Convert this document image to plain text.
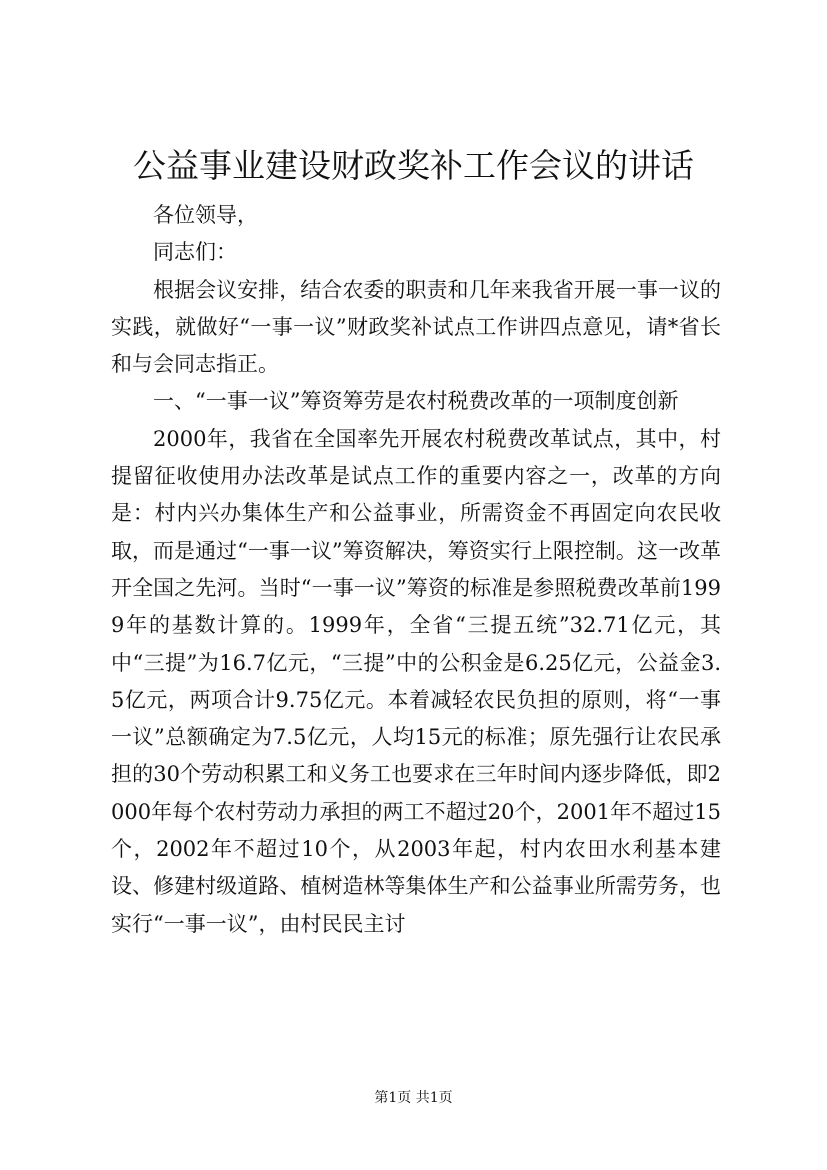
公益事业建设财政奖补工作会议的讲话

各位领导，

同志们：

根据会议安排，结合农委的职责和几年来我省开展一事一议的实践，就做好“一事一议”财政奖补试点工作讲四点意见，请*省长和与会同志指正。

一、“一事一议”筹资筹劳是农村税费改革的一项制度创新

2000年，我省在全国率先开展农村税费改革试点，其中，村提留征收使用办法改革是试点工作的重要内容之一，改革的方向是：村内兴办集体生产和公益事业，所需资金不再固定向农民收取，而是通过“一事一议”筹资解决，筹资实行上限控制。这一改革开全国之先河。当时“一事一议”筹资的标准是参照税费改革前1999年的基数计算的。1999年，全省“三提五统”32.71亿元，其中“三提”为16.7亿元，“三提”中的公积金是6.25亿元，公益金3.5亿元，两项合计9.75亿元。本着减轻农民负担的原则，将“一事一议”总额确定为7.5亿元，人均15元的标准；原先强行让农民承担的30个劳动积累工和义务工也要求在三年时间内逐步降低，即2000年每个农村劳动力承担的两工不超过20个，2001年不超过15个，2002年不超过10个，从2003年起，村内农田水利基本建设、修建村级道路、植树造林等集体生产和公益事业所需劳务，也实行“一事一议”，由村民民主讨

第1页 共1页
